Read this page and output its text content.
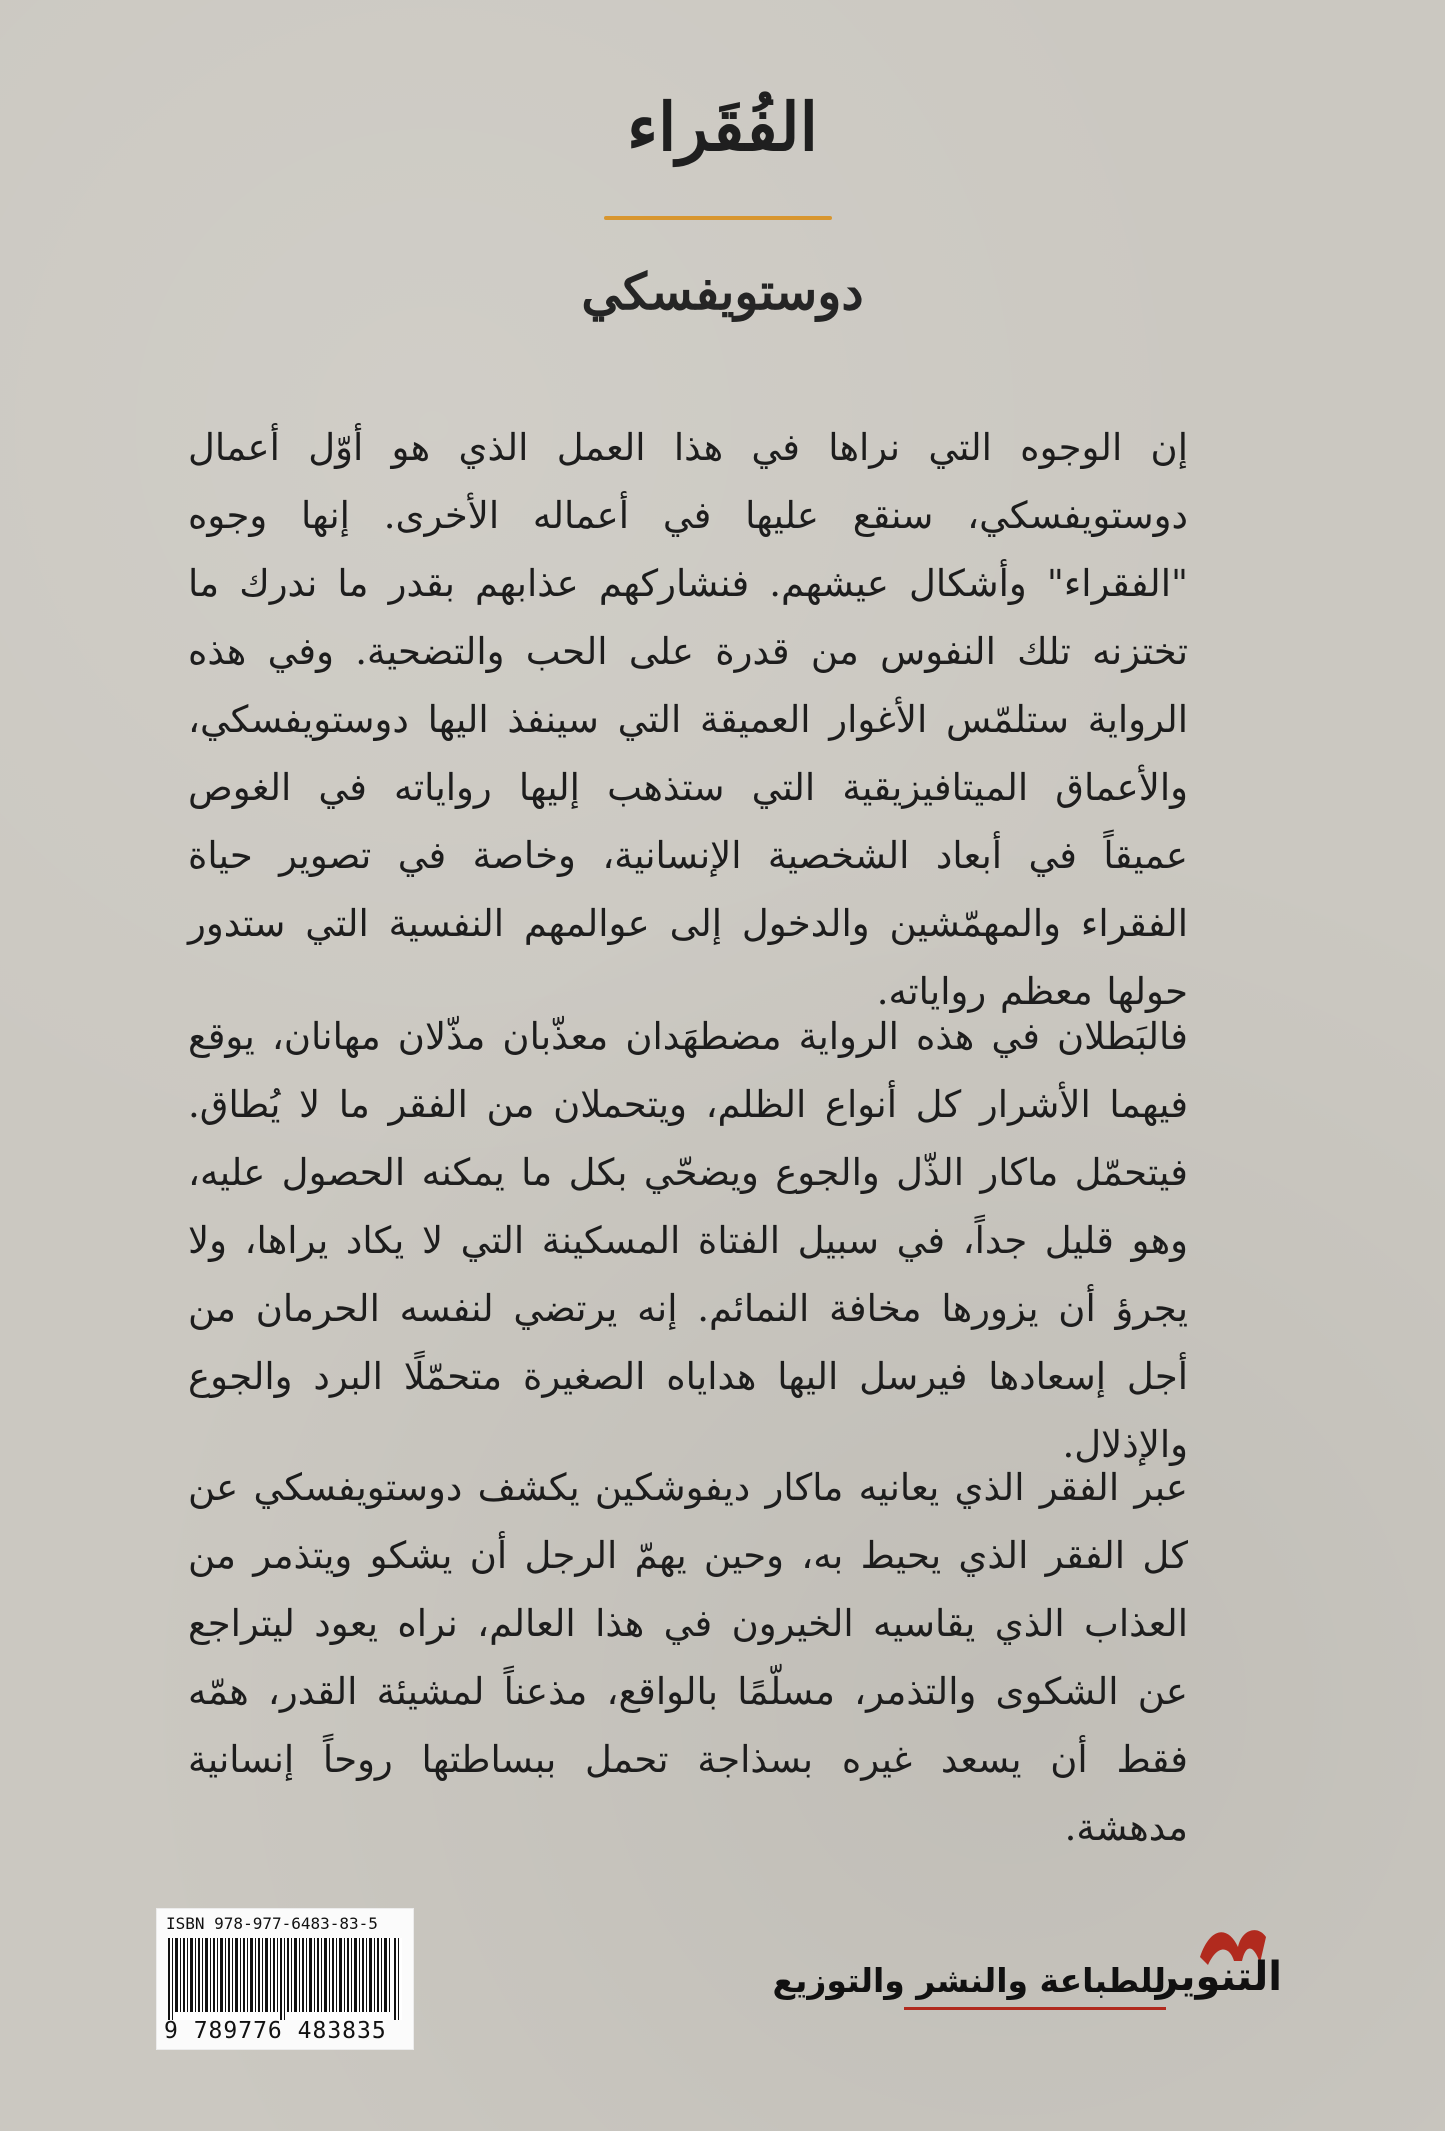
الفُقَراء
دوستويفسكي
إن الوجوه التي نراها في هذا العمل الذي هو أوّل أعمال دوستويفسكي، سنقع عليها في أعماله الأخرى. إنها وجوه "الفقراء" وأشكال عيشهم. فنشاركهم عذابهم بقدر ما ندرك ما تختزنه تلك النفوس من قدرة على الحب والتضحية. وفي هذه الرواية ستلمّس الأغوار العميقة التي سينفذ اليها دوستويفسكي، والأعماق الميتافيزيقية التي ستذهب إليها رواياته في الغوص عميقاً في أبعاد الشخصية الإنسانية، وخاصة في تصوير حياة الفقراء والمهمّشين والدخول إلى عوالمهم النفسية التي ستدور حولها معظم رواياته.
فالبَطلان في هذه الرواية مضطهَدان معذّبان مذّلان مهانان، يوقع فيهما الأشرار كل أنواع الظلم، ويتحملان من الفقر ما لا يُطاق. فيتحمّل ماكار الذّل والجوع ويضحّي بكل ما يمكنه الحصول عليه، وهو قليل جداً، في سبيل الفتاة المسكينة التي لا يكاد يراها، ولا يجرؤ أن يزورها مخافة النمائم. إنه يرتضي لنفسه الحرمان من أجل إسعادها فيرسل اليها هداياه الصغيرة متحمّلًا البرد والجوع والإذلال.
عبر الفقر الذي يعانيه ماكار ديفوشكين يكشف دوستويفسكي عن كل الفقر الذي يحيط به، وحين يهمّ الرجل أن يشكو ويتذمر من العذاب الذي يقاسيه الخيرون في هذا العالم، نراه يعود ليتراجع عن الشكوى والتذمر، مسلّمًا بالواقع، مذعناً لمشيئة القدر، همّه فقط أن يسعد غيره بسذاجة تحمل ببساطتها روحاً إنسانية مدهشة.
ISBN 978-977-6483-83-5
9 789776 483835
التنوير
للطباعة والنشر والتوزيع
